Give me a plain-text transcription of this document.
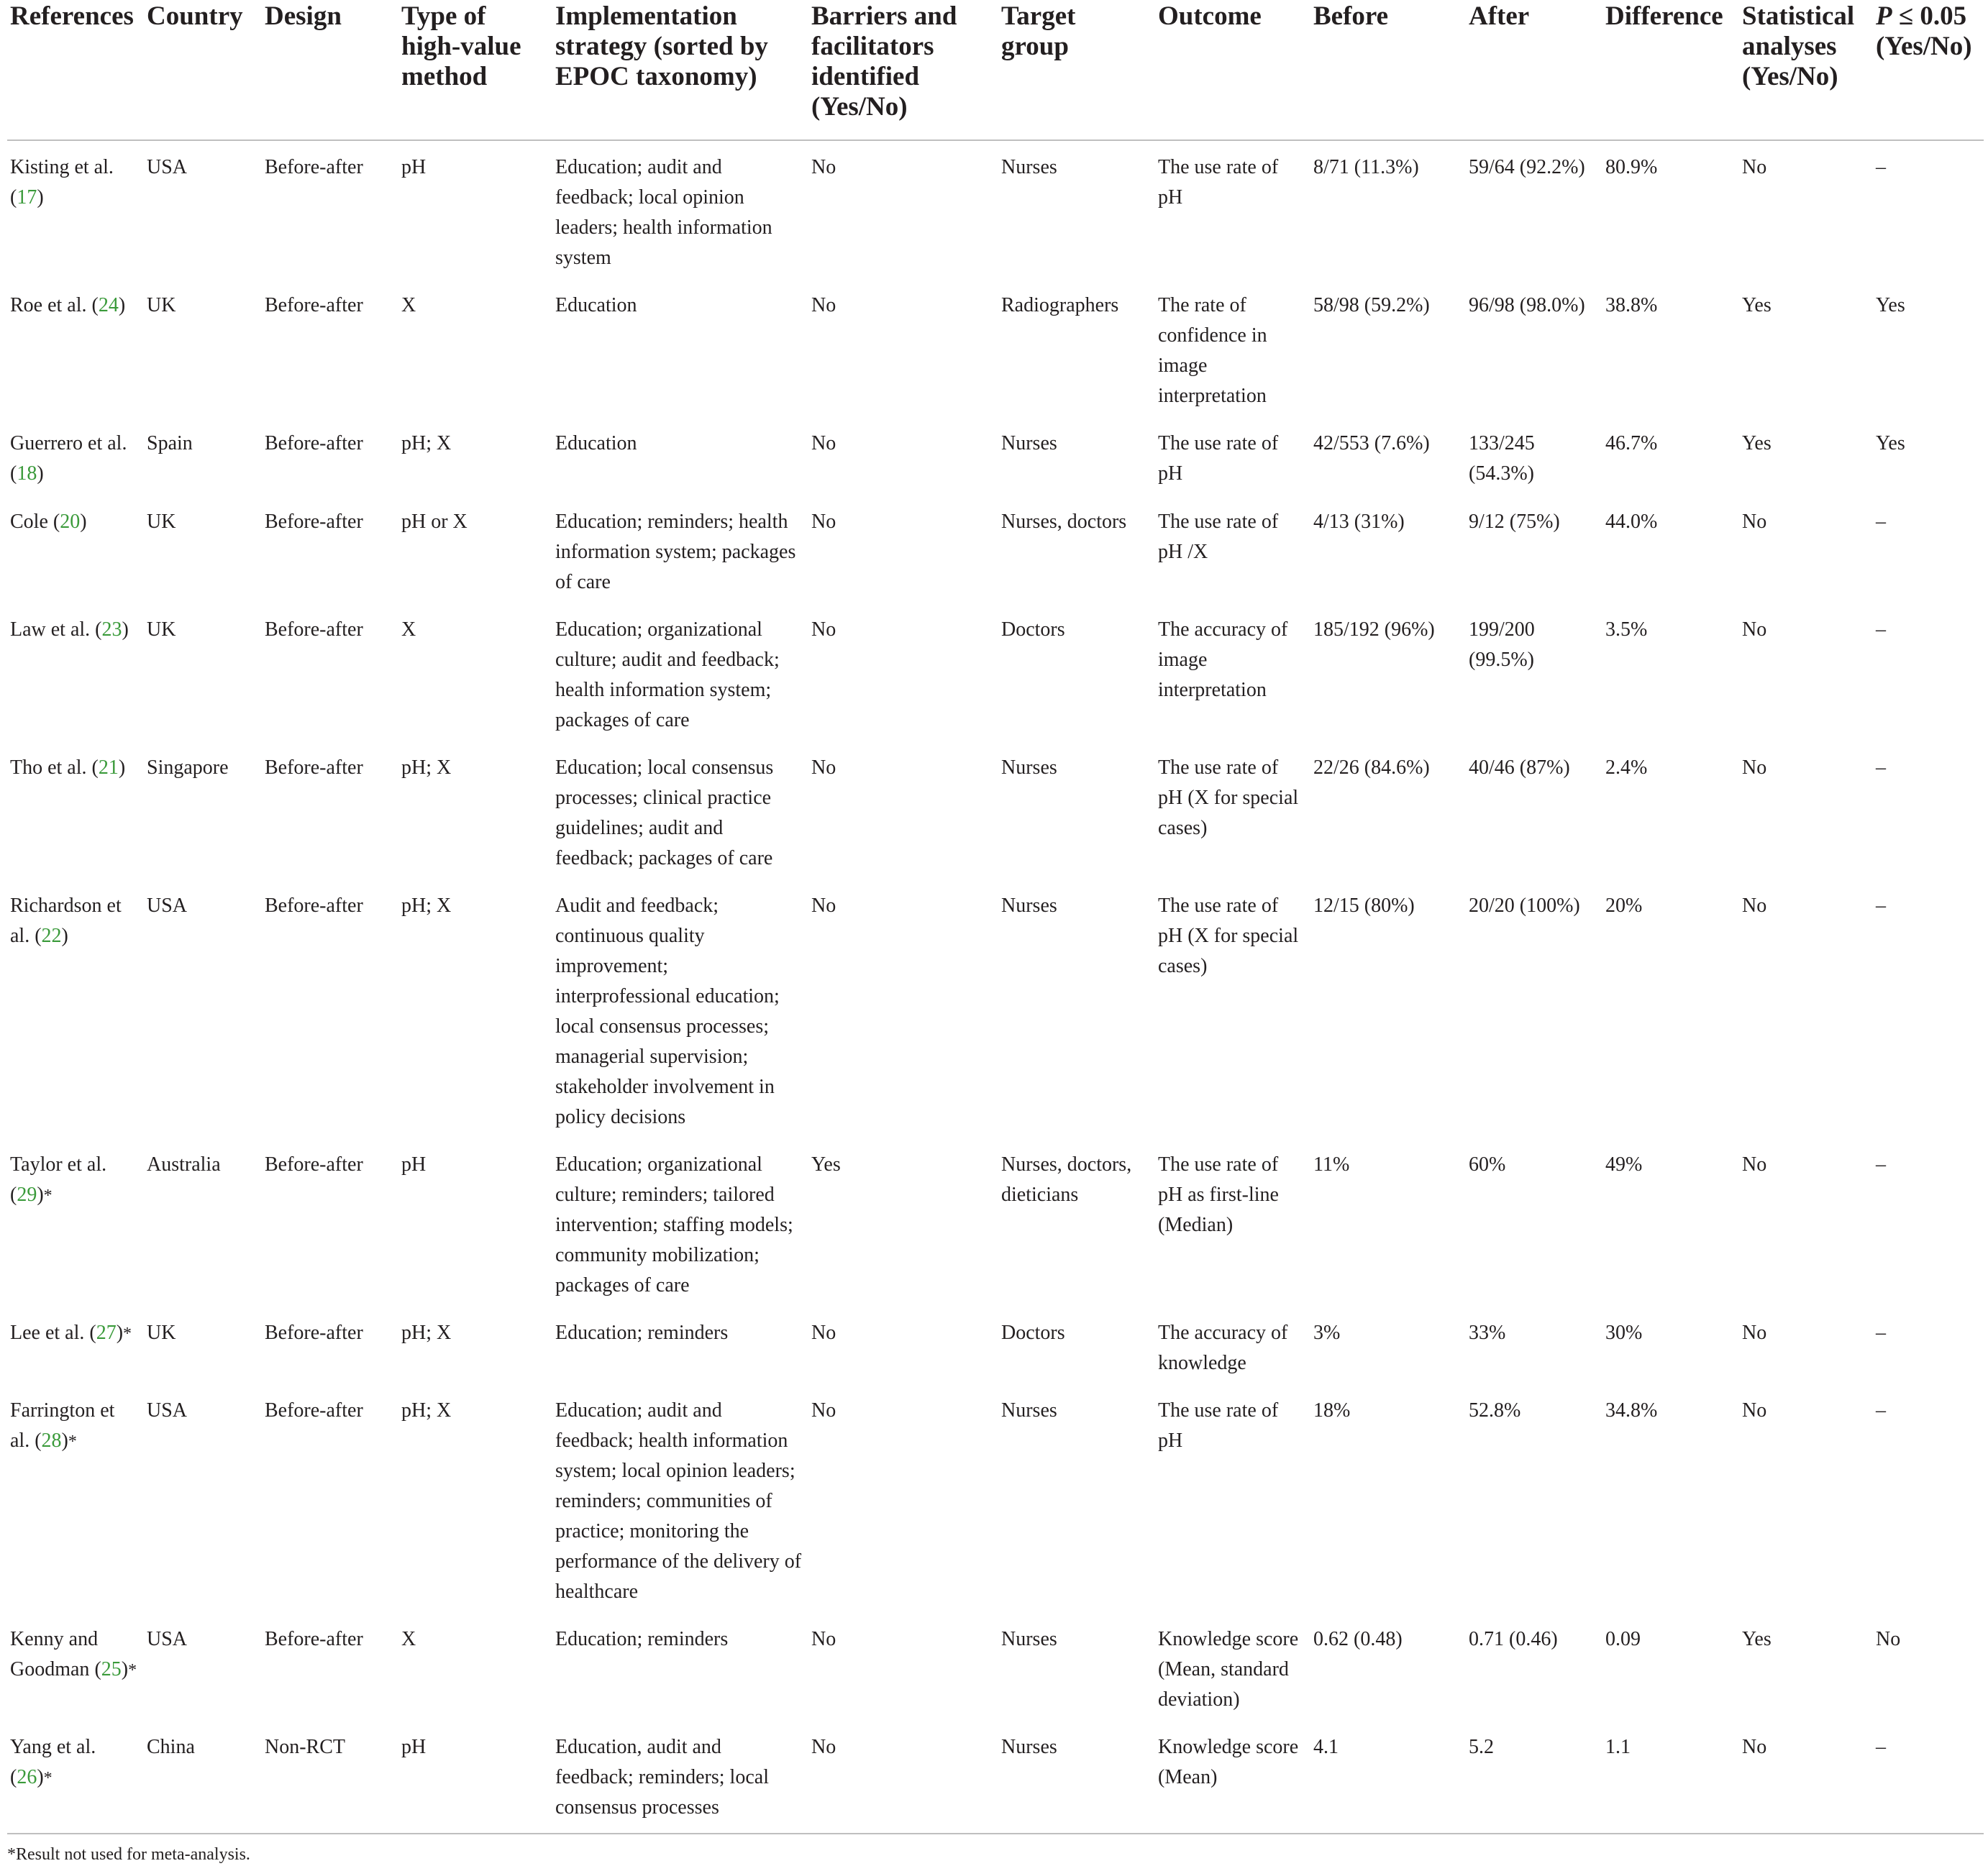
References	Country	Design	Type of high-value method	Implementation strategy (sorted by EPOC taxonomy)	Barriers and facilitators identified (Yes/No)	Target group	Outcome	Before	After	Difference	Statistical analyses (Yes/No)	P ≤ 0.05 (Yes/No)
Kisting et al. (17)	USA	Before-after	pH	Education; audit and feedback; local opinion leaders; health information system	No	Nurses	The use rate of pH	8/71 (11.3%)	59/64 (92.2%)	80.9%	No	–
Roe et al. (24)	UK	Before-after	X	Education	No	Radiographers	The rate of confidence in image interpretation	58/98 (59.2%)	96/98 (98.0%)	38.8%	Yes	Yes
Guerrero et al. (18)	Spain	Before-after	pH; X	Education	No	Nurses	The use rate of pH	42/553 (7.6%)	133/245 (54.3%)	46.7%	Yes	Yes
Cole (20)	UK	Before-after	pH or X	Education; reminders; health information system; packages of care	No	Nurses, doctors	The use rate of pH /X	4/13 (31%)	9/12 (75%)	44.0%	No	–
Law et al. (23)	UK	Before-after	X	Education; organizational culture; audit and feedback; health information system; packages of care	No	Doctors	The accuracy of image interpretation	185/192 (96%)	199/200 (99.5%)	3.5%	No	–
Tho et al. (21)	Singapore	Before-after	pH; X	Education; local consensus processes; clinical practice guidelines; audit and feedback; packages of care	No	Nurses	The use rate of pH (X for special cases)	22/26 (84.6%)	40/46 (87%)	2.4%	No	–
Richardson et al. (22)	USA	Before-after	pH; X	Audit and feedback; continuous quality improvement; interprofessional education; local consensus processes; managerial supervision; stakeholder involvement in policy decisions	No	Nurses	The use rate of pH (X for special cases)	12/15 (80%)	20/20 (100%)	20%	No	–
Taylor et al. (29)*	Australia	Before-after	pH	Education; organizational culture; reminders; tailored intervention; staffing models; community mobilization; packages of care	Yes	Nurses, doctors, dieticians	The use rate of pH as first-line (Median)	11%	60%	49%	No	–
Lee et al. (27)*	UK	Before-after	pH; X	Education; reminders	No	Doctors	The accuracy of knowledge	3%	33%	30%	No	–
Farrington et al. (28)*	USA	Before-after	pH; X	Education; audit and feedback; health information system; local opinion leaders; reminders; communities of practice; monitoring the performance of the delivery of healthcare	No	Nurses	The use rate of pH	18%	52.8%	34.8%	No	–
Kenny and Goodman (25)*	USA	Before-after	X	Education; reminders	No	Nurses	Knowledge score (Mean, standard deviation)	0.62 (0.48)	0.71 (0.46)	0.09	Yes	No
Yang et al. (26)*	China	Non-RCT	pH	Education, audit and feedback; reminders; local consensus processes	No	Nurses	Knowledge score (Mean)	4.1	5.2	1.1	No	–
*Result not used for meta-analysis.
